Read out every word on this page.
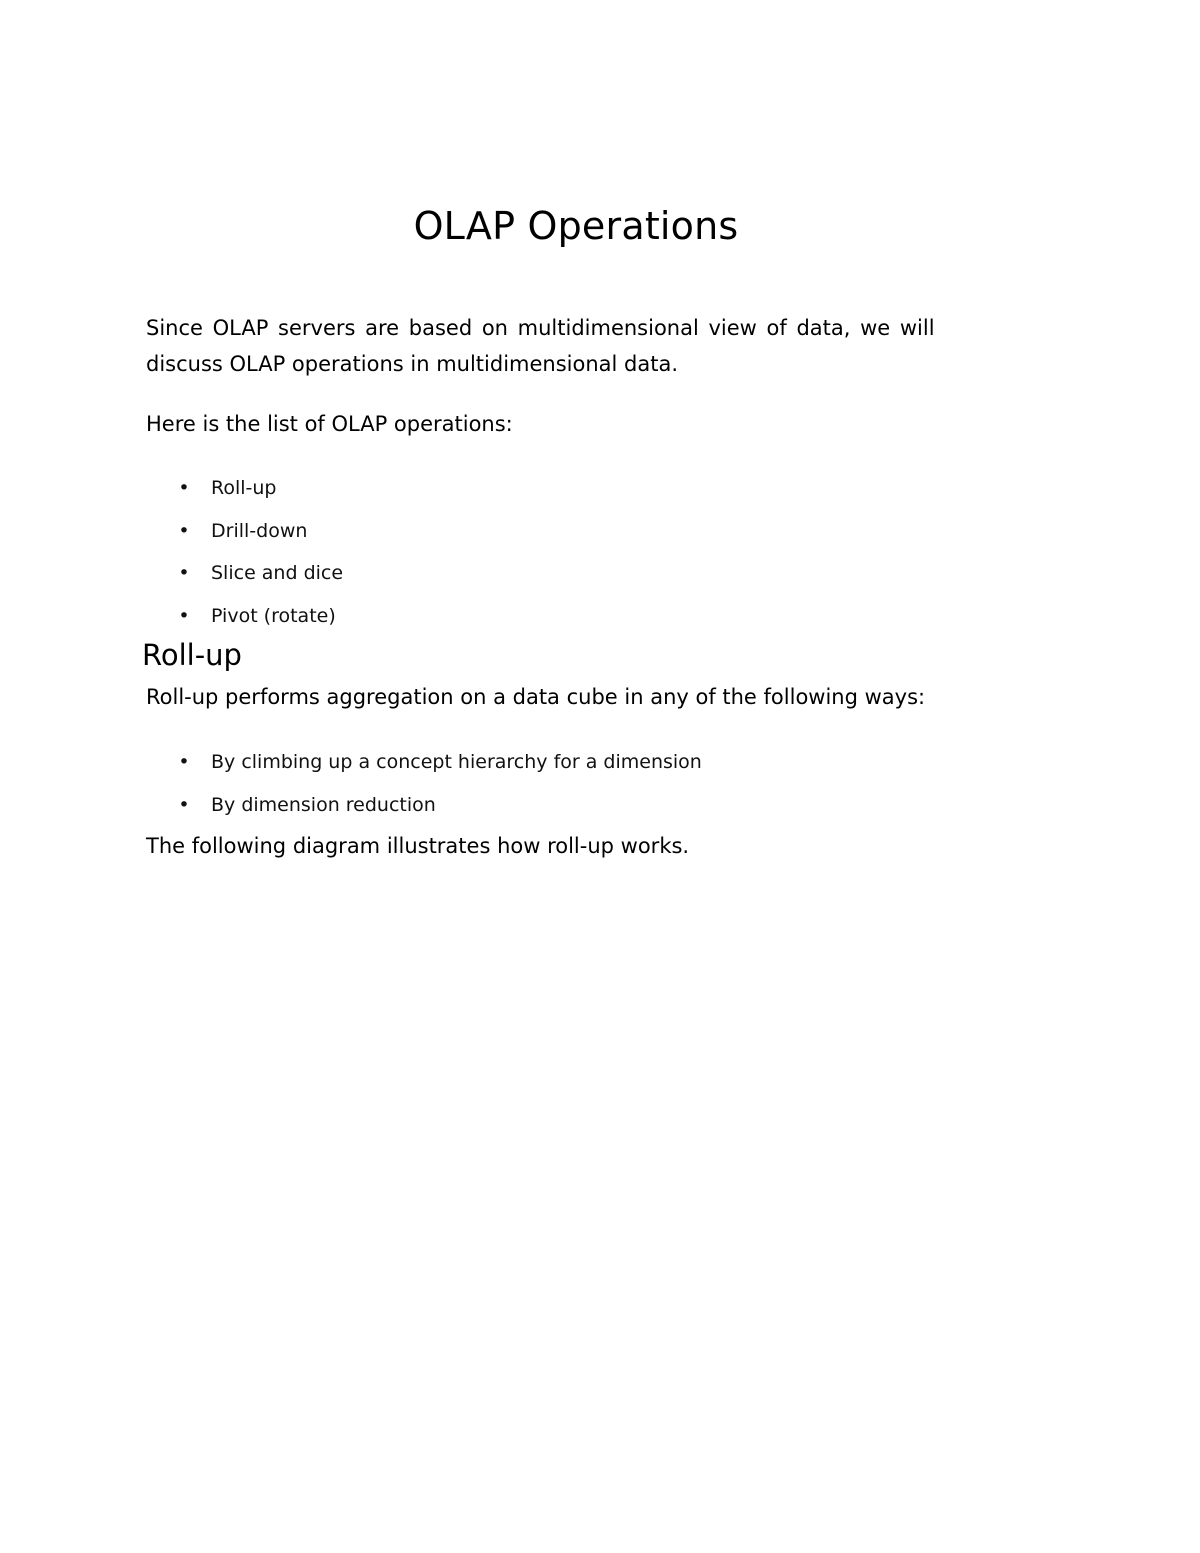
OLAP Operations

Since OLAP servers are based on multidimensional view of data, we will
discuss OLAP operations in multidimensional data.

Here is the list of OLAP operations:

• Roll-up
• Drill-down
• Slice and dice
• Pivot (rotate)
Roll-up

Roll-up performs aggregation on a data cube in any of the following ways:

• By climbing up a concept hierarchy for a dimension
• By dimension reduction

The following diagram illustrates how roll-up works.
